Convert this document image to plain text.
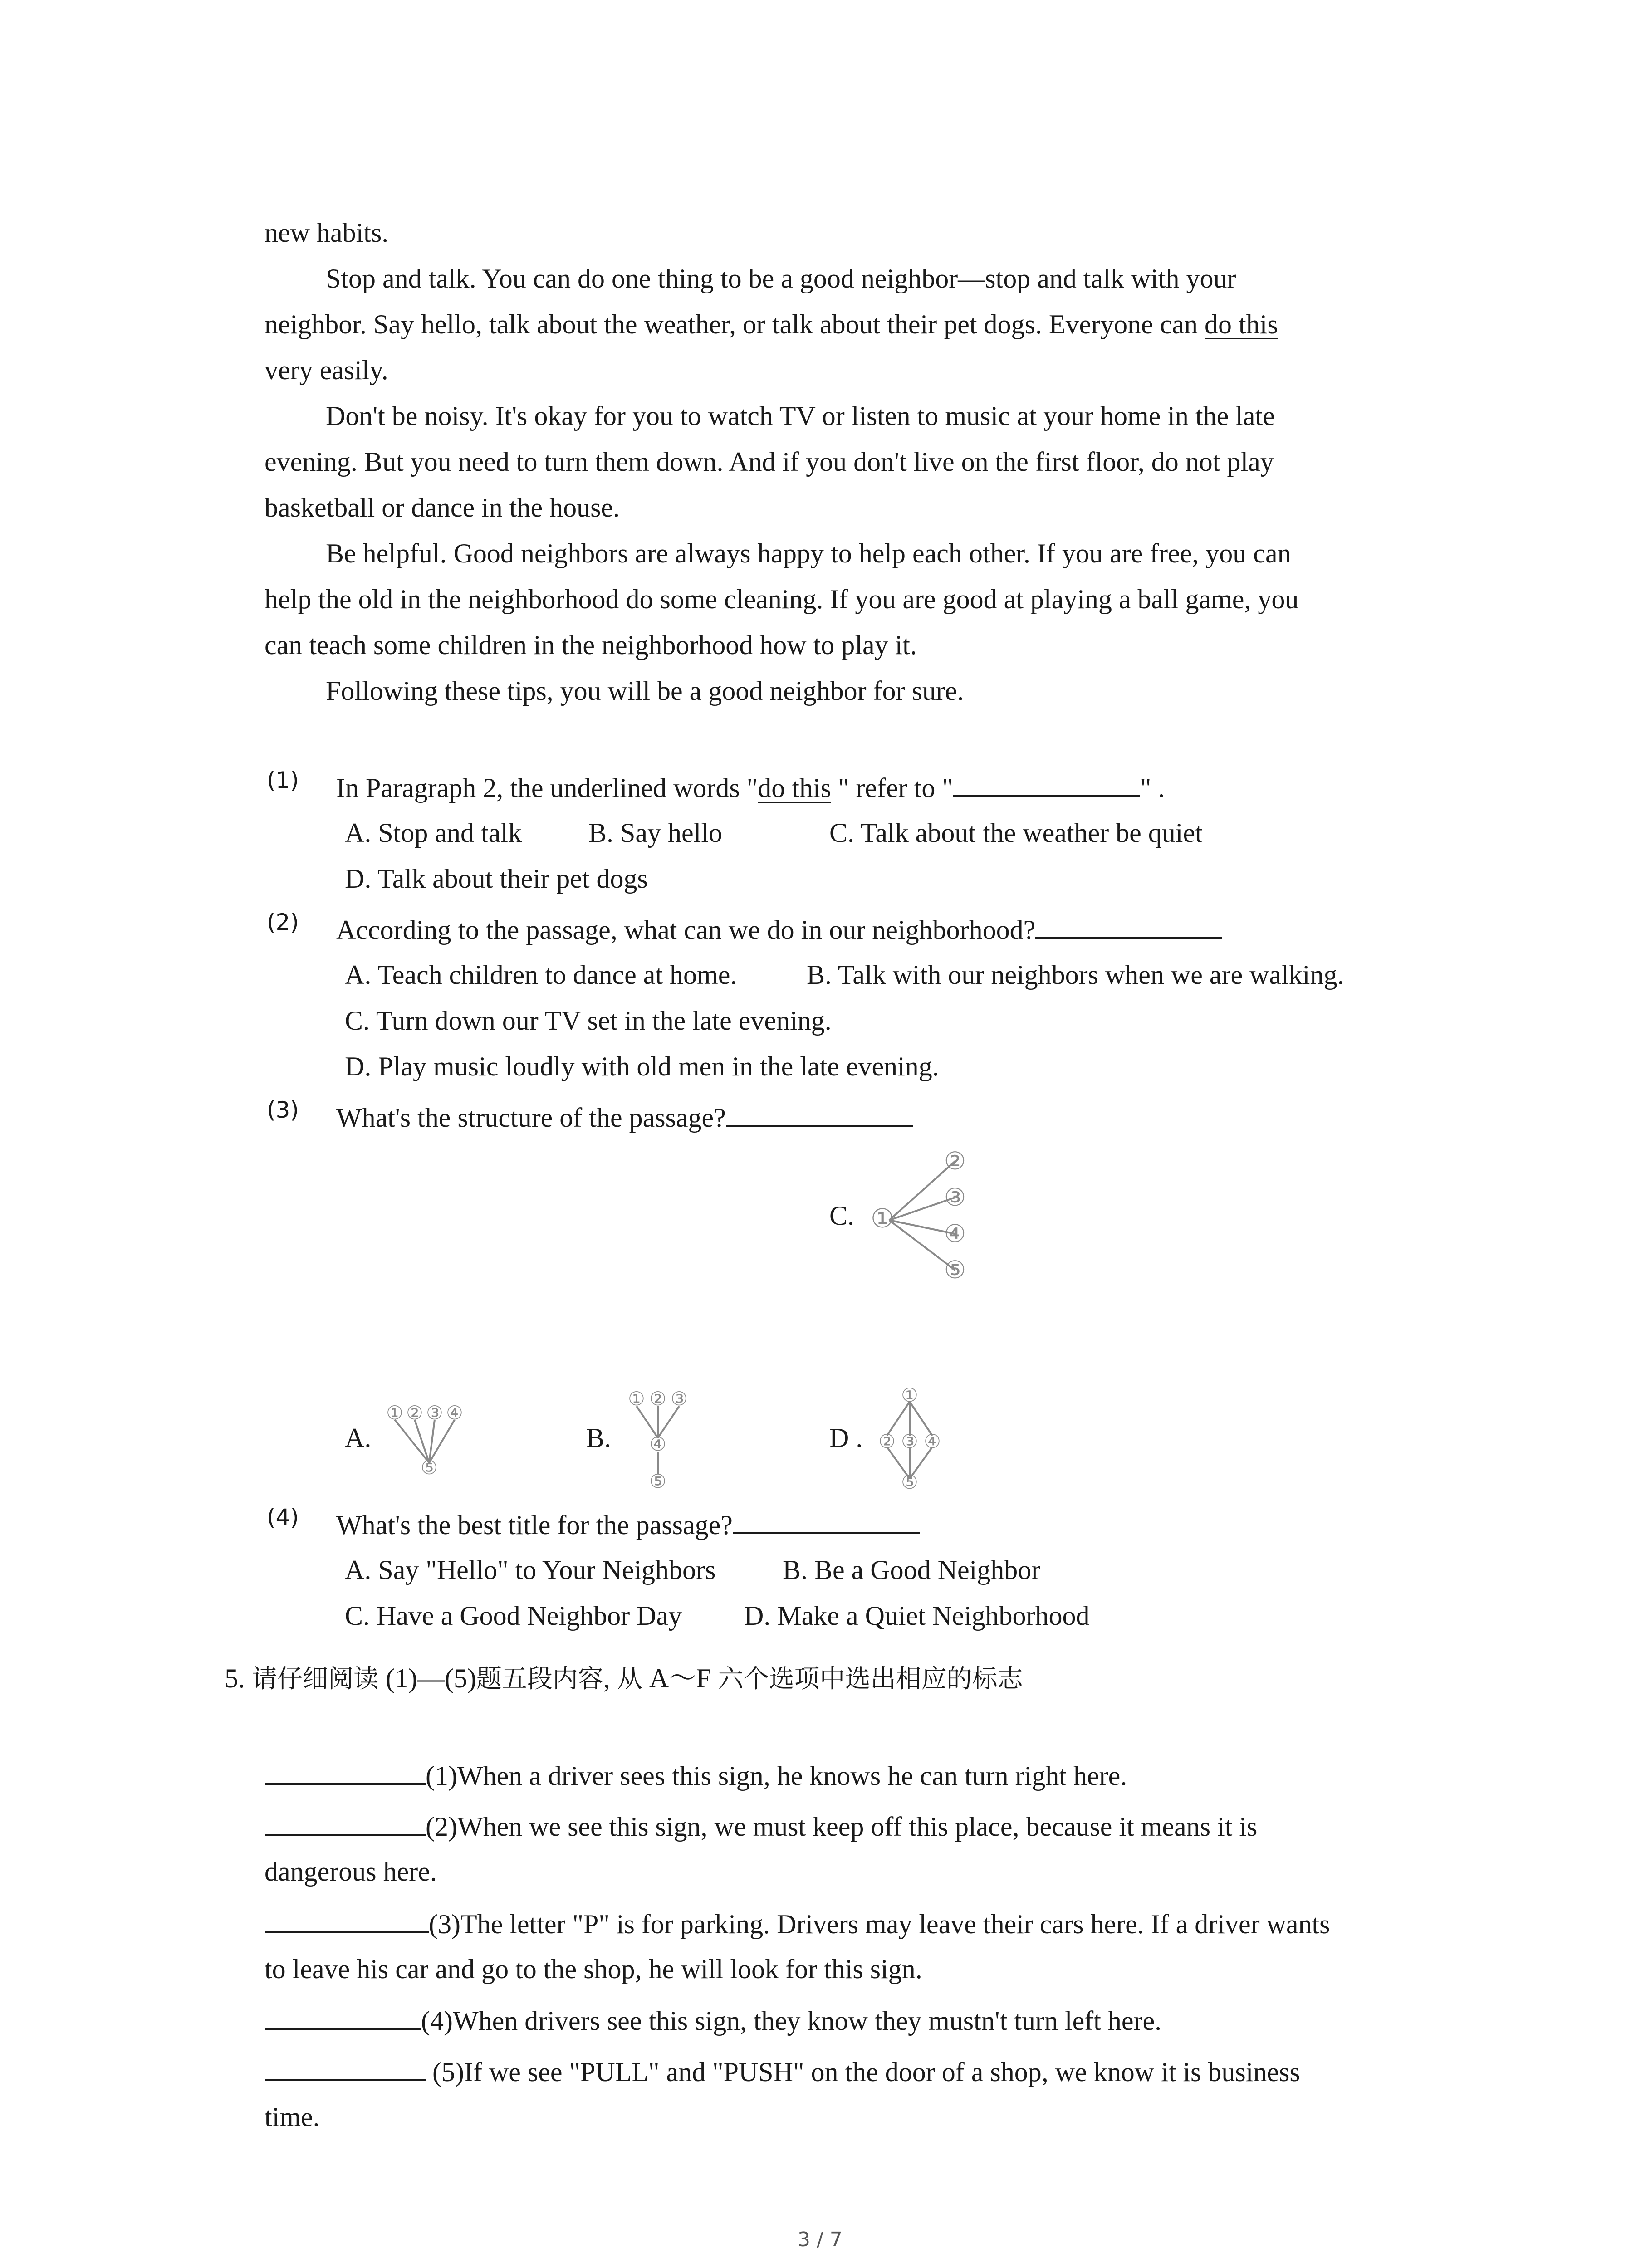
new habits.
Stop and talk. You can do one thing to be a good neighbor—stop and talk with your
neighbor. Say hello, talk about the weather, or talk about their pet dogs. Everyone can do this
very easily.
Don't be noisy. It's okay for you to watch TV or listen to music at your home in the late
evening. But you need to turn them down. And if you don't live on the first floor, do not play
basketball or dance in the house.
Be helpful. Good neighbors are always happy to help each other. If you are free, you can
help the old in the neighborhood do some cleaning. If you are good at playing a ball game, you
can teach some children in the neighborhood how to play it.
Following these tips, you will be a good neighbor for sure.
(1) In Paragraph 2, the underlined words "do this " refer to "	" .
A. Stop and talk B. Say hello	C. Talk about the weather be quiet
D. Talk about their pet dogs
(2) According to the passage, what can we do in our neighborhood?
A. Teach children to dance at home.	B. Talk with our neighbors when we are walking.
C. Turn down our TV set in the late evening.
D. Play music loudly with old men in the late evening.
(3) What's the structure of the passage?
C. ①
②
③
④
⑤
A.
① ② ③ ④
⑤
B.
① ② ③
④
⑤
D .
①
② ③ ④
⑤
(4) What's the best title for the passage?
A. Say "Hello" to Your Neighbors B. Be a Good Neighbor
C. Have a Good Neighbor Day D. Make a Quiet Neighborhood
5. 请仔细阅读 (1)—(5)题五段内容, 从 A～F 六个选项中选出相应的标志
(1)When a driver sees this sign, he knows he can turn right here.
(2)When we see this sign, we must keep off this place, because it means it is
dangerous here.
(3)The letter "P" is for parking. Drivers may leave their cars here. If a driver wants
to leave his car and go to the shop, he will look for this sign.
(4)When drivers see this sign, they know they mustn't turn left here.
(5)If we see "PULL" and "PUSH" on the door of a shop, we know it is business
time.
3 / 7
